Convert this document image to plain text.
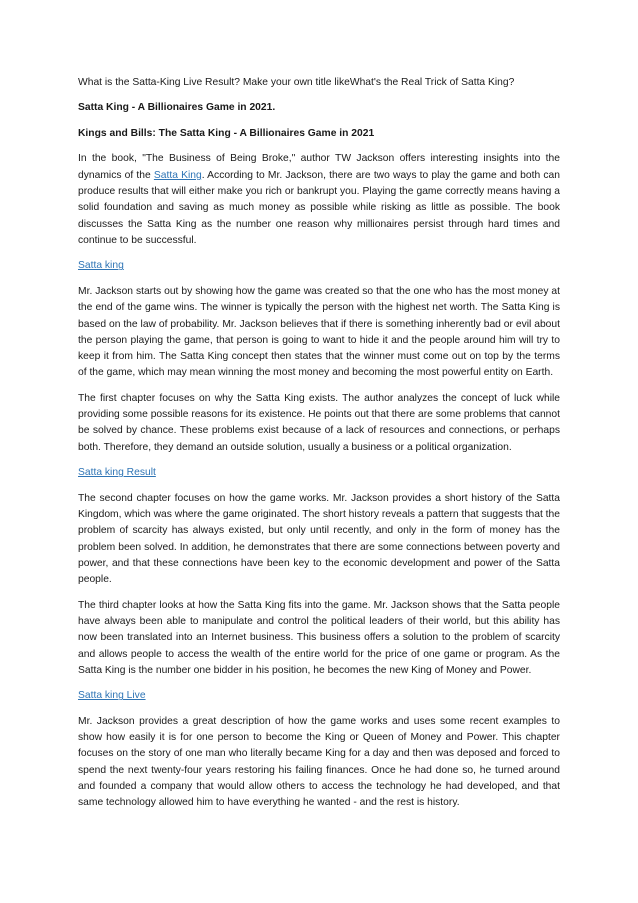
What is the Satta-King Live Result? Make your own title likeWhat's the Real Trick of Satta King?

Satta King - A Billionaires Game in 2021.

Kings and Bills: The Satta King - A Billionaires Game in 2021

In the book, "The Business of Being Broke," author TW Jackson offers interesting insights into the dynamics of the Satta King. According to Mr. Jackson, there are two ways to play the game and both can produce results that will either make you rich or bankrupt you. Playing the game correctly means having a solid foundation and saving as much money as possible while risking as little as possible. The book discusses the Satta King as the number one reason why millionaires persist through hard times and continue to be successful.

Satta king

Mr. Jackson starts out by showing how the game was created so that the one who has the most money at the end of the game wins. The winner is typically the person with the highest net worth. The Satta King is based on the law of probability. Mr. Jackson believes that if there is something inherently bad or evil about the person playing the game, that person is going to want to hide it and the people around him will try to keep it from him. The Satta King concept then states that the winner must come out on top by the terms of the game, which may mean winning the most money and becoming the most powerful entity on Earth.

The first chapter focuses on why the Satta King exists. The author analyzes the concept of luck while providing some possible reasons for its existence. He points out that there are some problems that cannot be solved by chance. These problems exist because of a lack of resources and connections, or perhaps both. Therefore, they demand an outside solution, usually a business or a political organization.

Satta king Result

The second chapter focuses on how the game works. Mr. Jackson provides a short history of the Satta Kingdom, which was where the game originated. The short history reveals a pattern that suggests that the problem of scarcity has always existed, but only until recently, and only in the form of money has the problem been solved. In addition, he demonstrates that there are some connections between poverty and power, and that these connections have been key to the economic development and power of the Satta people.

The third chapter looks at how the Satta King fits into the game. Mr. Jackson shows that the Satta people have always been able to manipulate and control the political leaders of their world, but this ability has now been translated into an Internet business. This business offers a solution to the problem of scarcity and allows people to access the wealth of the entire world for the price of one game or program. As the Satta King is the number one bidder in his position, he becomes the new King of Money and Power.

Satta king Live

Mr. Jackson provides a great description of how the game works and uses some recent examples to show how easily it is for one person to become the King or Queen of Money and Power. This chapter focuses on the story of one man who literally became King for a day and then was deposed and forced to spend the next twenty-four years restoring his failing finances. Once he had done so, he turned around and founded a company that would allow others to access the technology he had developed, and that same technology allowed him to have everything he wanted - and the rest is history.
